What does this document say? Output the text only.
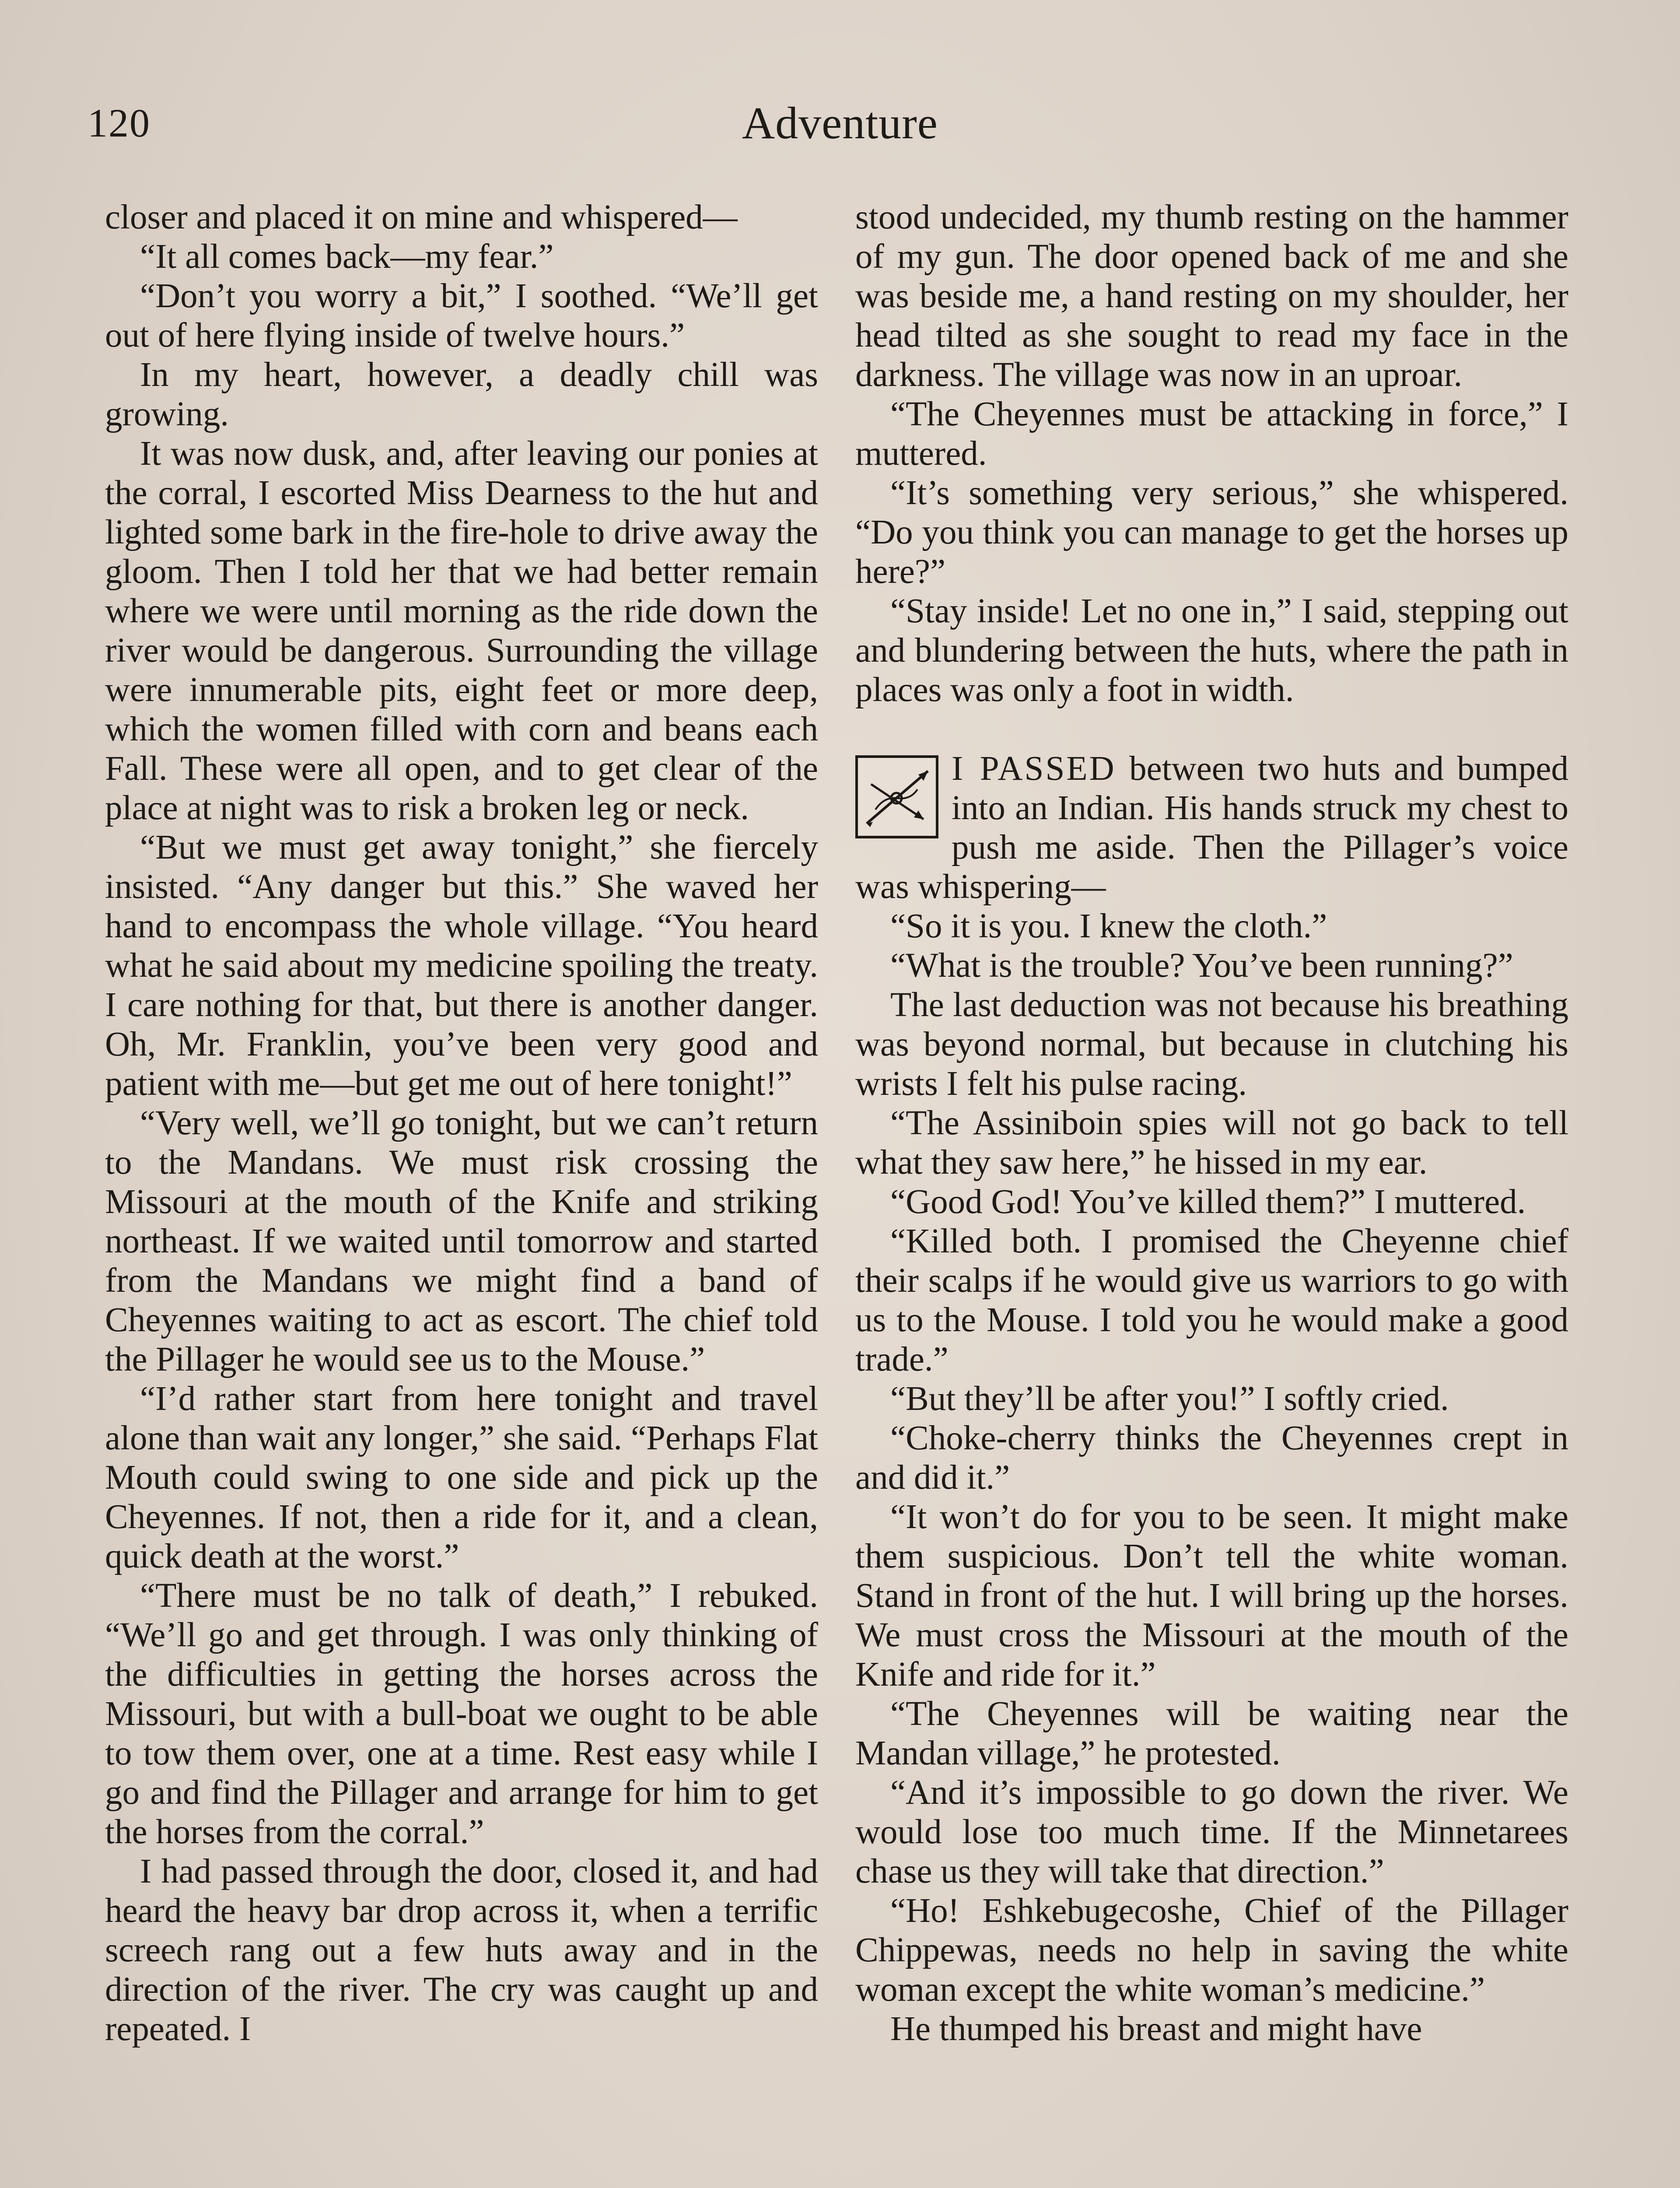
120	Adventure

closer and placed it on mine and whispered—

“It all comes back—my fear.”

“Don’t you worry a bit,” I soothed. “We’ll get out of here flying inside of twelve hours.”

In my heart, however, a deadly chill was growing.

It was now dusk, and, after leaving our ponies at the corral, I escorted Miss Dearness to the hut and lighted some bark in the fire-hole to drive away the gloom. Then I told her that we had better remain where we were until morning as the ride down the river would be dangerous. Surrounding the village were innumerable pits, eight feet or more deep, which the women filled with corn and beans each Fall. These were all open, and to get clear of the place at night was to risk a broken leg or neck.

“But we must get away tonight,” she fiercely insisted. “Any danger but this.” She waved her hand to encompass the whole village. “You heard what he said about my medicine spoiling the treaty. I care nothing for that, but there is another danger. Oh, Mr. Franklin, you’ve been very good and patient with me—but get me out of here tonight!”

“Very well, we’ll go tonight, but we can’t return to the Mandans. We must risk crossing the Missouri at the mouth of the Knife and striking northeast. If we waited until tomorrow and started from the Mandans we might find a band of Cheyennes waiting to act as escort. The chief told the Pillager he would see us to the Mouse.”

“I’d rather start from here tonight and travel alone than wait any longer,” she said. “Perhaps Flat Mouth could swing to one side and pick up the Cheyennes. If not, then a ride for it, and a clean, quick death at the worst.”

“There must be no talk of death,” I rebuked. “We’ll go and get through. I was only thinking of the difficulties in getting the horses across the Missouri, but with a bull-boat we ought to be able to tow them over, one at a time. Rest easy while I go and find the Pillager and arrange for him to get the horses from the corral.”

I had passed through the door, closed it, and had heard the heavy bar drop across it, when a terrific screech rang out a few huts away and in the direction of the river. The cry was caught up and repeated. I

stood undecided, my thumb resting on the hammer of my gun. The door opened back of me and she was beside me, a hand resting on my shoulder, her head tilted as she sought to read my face in the darkness. The village was now in an uproar.

“The Cheyennes must be attacking in force,” I muttered.

“It’s something very serious,” she whispered. “Do you think you can manage to get the horses up here?”

“Stay inside! Let no one in,” I said, stepping out and blundering between the huts, where the path in places was only a foot in width.

I PASSED between two huts and bumped into an Indian. His hands struck my chest to push me aside. Then the Pillager’s voice was whispering—

“So it is you. I knew the cloth.”

“What is the trouble? You’ve been running?”

The last deduction was not because his breathing was beyond normal, but because in clutching his wrists I felt his pulse racing.

“The Assiniboin spies will not go back to tell what they saw here,” he hissed in my ear.

“Good God! You’ve killed them?” I muttered.

“Killed both. I promised the Cheyenne chief their scalps if he would give us warriors to go with us to the Mouse. I told you he would make a good trade.”

“But they’ll be after you!” I softly cried.

“Choke-cherry thinks the Cheyennes crept in and did it.”

“It won’t do for you to be seen. It might make them suspicious. Don’t tell the white woman. Stand in front of the hut. I will bring up the horses. We must cross the Missouri at the mouth of the Knife and ride for it.”

“The Cheyennes will be waiting near the Mandan village,” he protested.

“And it’s impossible to go down the river. We would lose too much time. If the Minnetarees chase us they will take that direction.”

“Ho! Eshkebugecoshe, Chief of the Pillager Chippewas, needs no help in saving the white woman except the white woman’s medicine.”

He thumped his breast and might have
